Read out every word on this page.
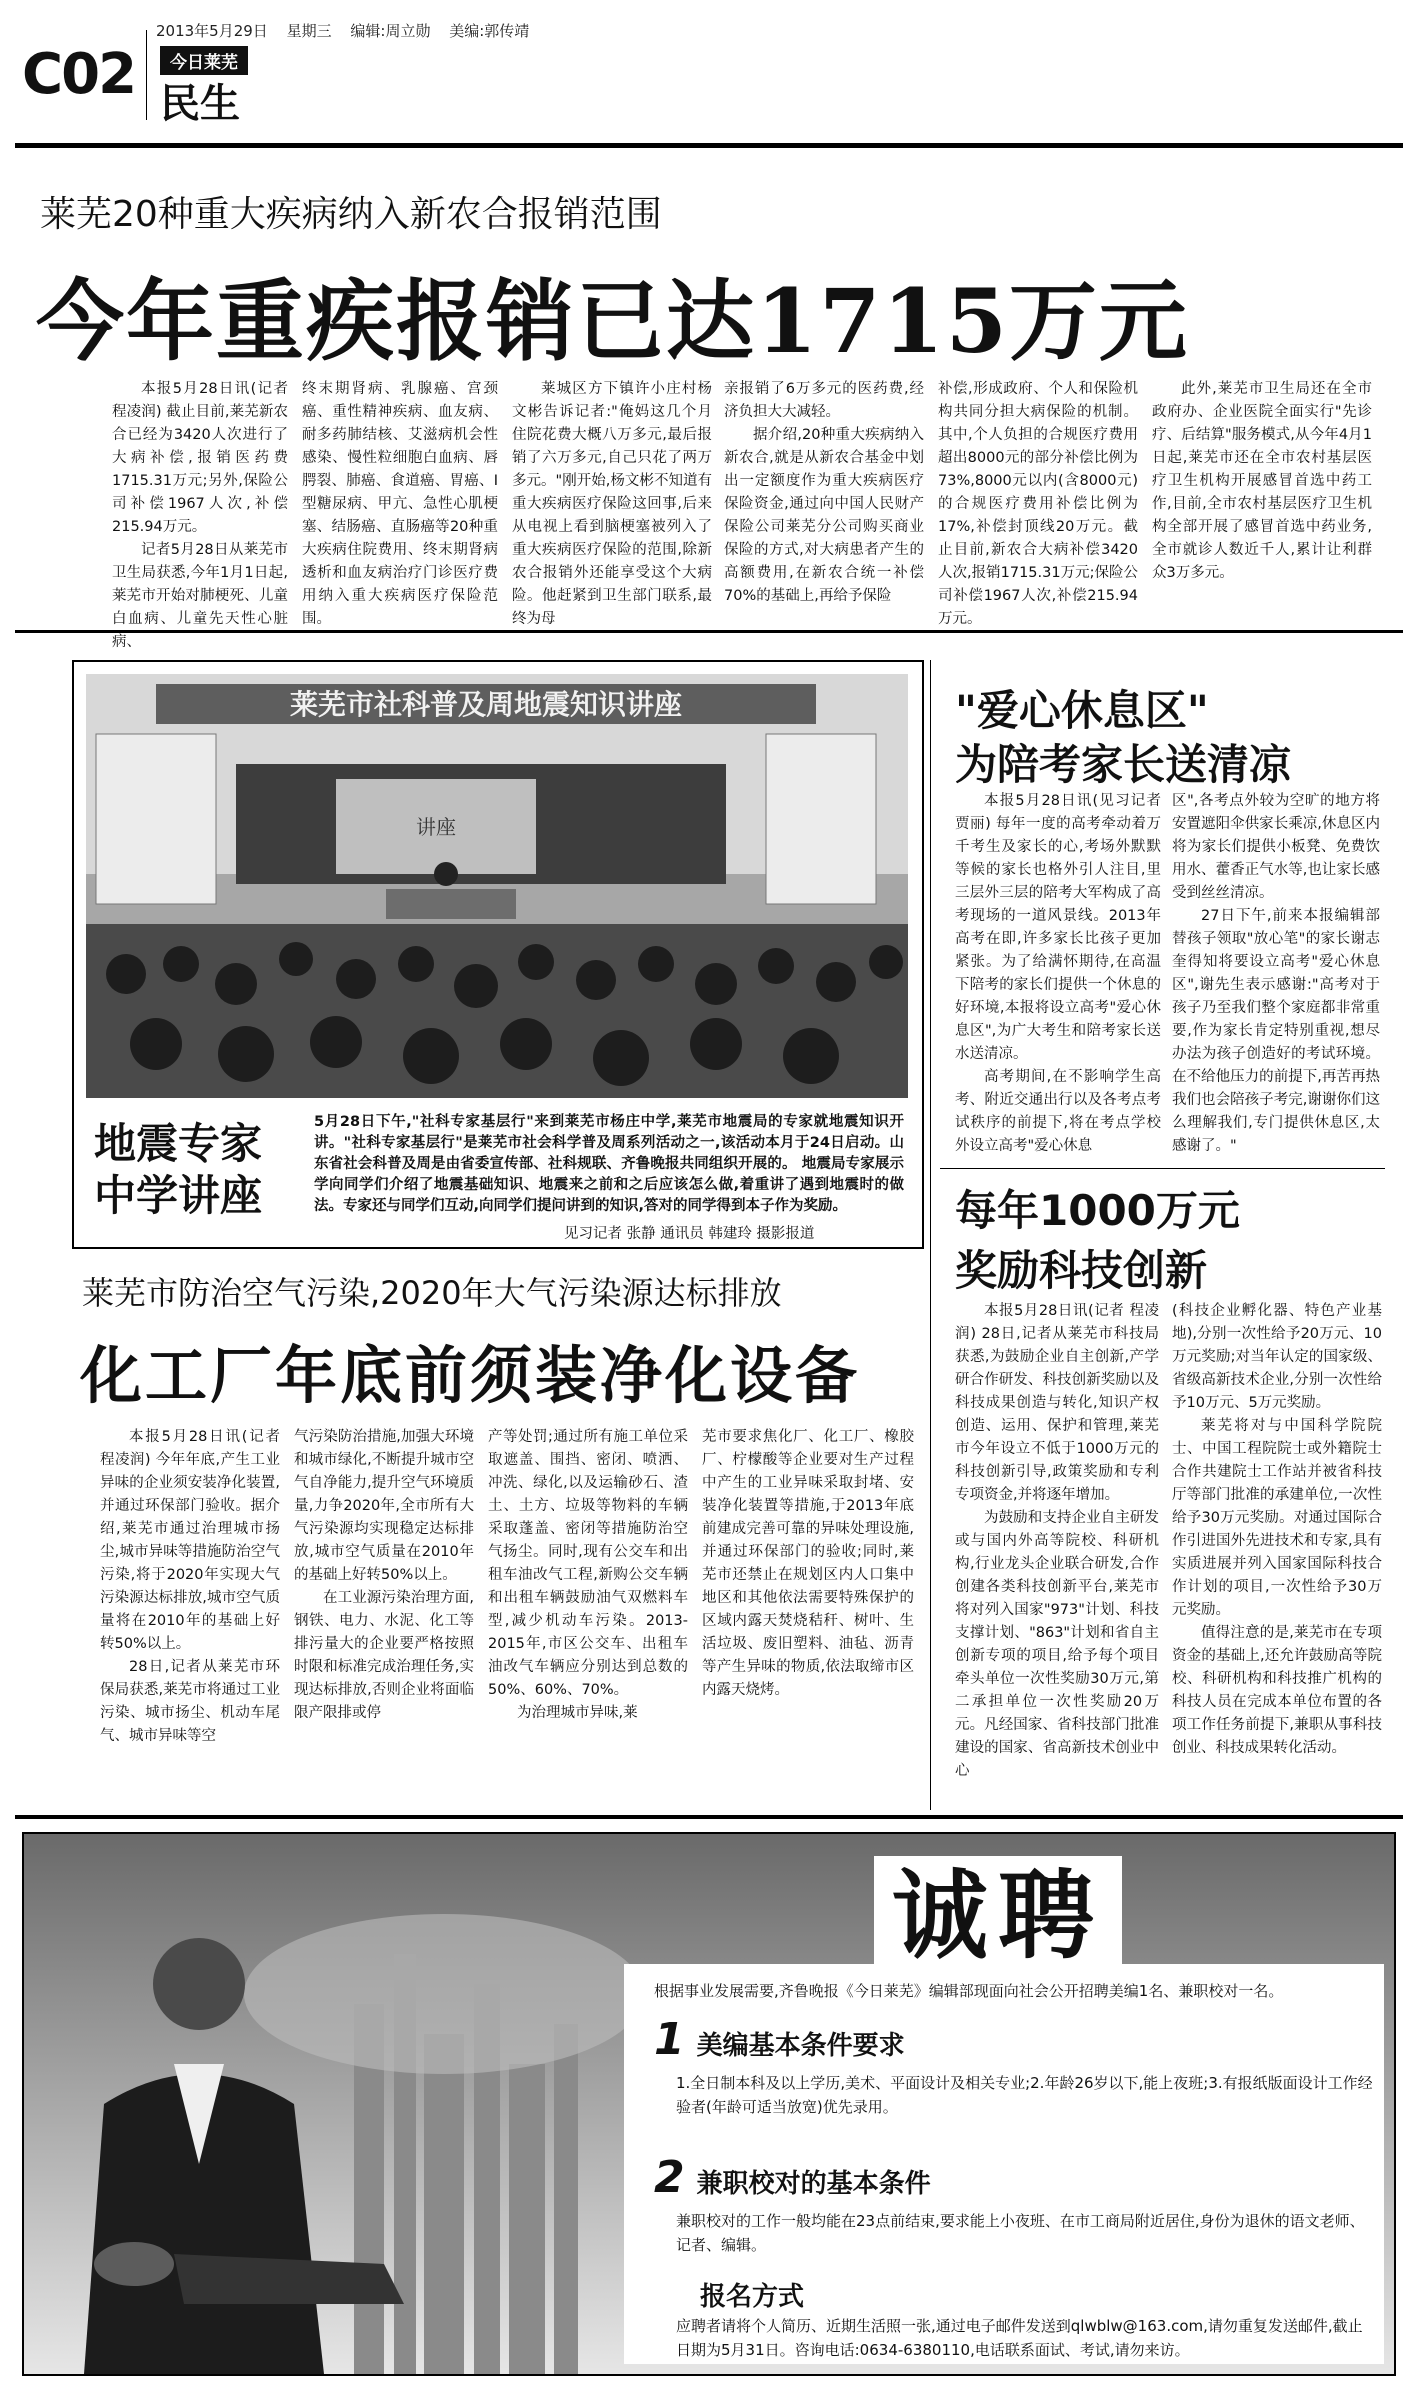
2013年5月29日 星期三 编辑:周立勋 美编:郭传靖
C02	今日莱芜
民生
莱芜20种重大疾病纳入新农合报销范围
今年重疾报销已达1715万元

本报5月28日讯(记者 程凌润) 截止目前,莱芜新农合已经为3420人次进行了大病补偿,报销医药费1715.31万元;另外,保险公司补偿1967人次,补偿215.94万元。

记者5月28日从莱芜市卫生局获悉,今年1月1日起,莱芜市开始对肺梗死、儿童白血病、儿童先天性心脏病、

终末期肾病、乳腺癌、宫颈癌、重性精神疾病、血友病、耐多药肺结核、艾滋病机会性感染、慢性粒细胞白血病、唇腭裂、肺癌、食道癌、胃癌、Ⅰ型糖尿病、甲亢、急性心肌梗塞、结肠癌、直肠癌等20种重大疾病住院费用、终末期肾病透析和血友病治疗门诊医疗费用纳入重大疾病医疗保险范围。

莱城区方下镇许小庄村杨文彬告诉记者:"俺妈这几个月住院花费大概八万多元,最后报销了六万多元,自己只花了两万多元。"刚开始,杨文彬不知道有重大疾病医疗保险这回事,后来从电视上看到脑梗塞被列入了重大疾病医疗保险的范围,除新农合报销外还能享受这个大病险。他赶紧到卫生部门联系,最终为母

亲报销了6万多元的医药费,经济负担大大减轻。

据介绍,20种重大疾病纳入新农合,就是从新农合基金中划出一定额度作为重大疾病医疗保险资金,通过向中国人民财产保险公司莱芜分公司购买商业保险的方式,对大病患者产生的高额费用,在新农合统一补偿70%的基础上,再给予保险

补偿,形成政府、个人和保险机构共同分担大病保险的机制。其中,个人负担的合规医疗费用超出8000元的部分补偿比例为73%,8000元以内(含8000元)的合规医疗费用补偿比例为17%,补偿封顶线20万元。截止目前,新农合大病补偿3420人次,报销1715.31万元;保险公司补偿1967人次,补偿215.94万元。

此外,莱芜市卫生局还在全市政府办、企业医院全面实行"先诊疗、后结算"服务模式,从今年4月1日起,莱芜市还在全市农村基层医疗卫生机构开展感冒首选中药工作,目前,全市农村基层医疗卫生机构全部开展了感冒首选中药业务,全市就诊人数近千人,累计让利群众3万多元。

莱芜市社科普及周地震知识讲座
讲座
地震专家
中学讲座
5月28日下午,"社科专家基层行"来到莱芜市杨庄中学,莱芜市地震局的专家就地震知识开讲。"社科专家基层行"是莱芜市社会科学普及周系列活动之一,该活动本月于24日启动。山东省社会科普及周是由省委宣传部、社科规联、齐鲁晚报共同组织开展的。 地震局专家展示学向同学们介绍了地震基础知识、地震来之前和之后应该怎么做,着重讲了遇到地震时的做法。专家还与同学们互动,向同学们提问讲到的知识,答对的同学得到本子作为奖励。
见习记者 张静 通讯员 韩建玲 摄影报道
"爱心休息区"
为陪考家长送清凉

本报5月28日讯(见习记者 贾丽) 每年一度的高考牵动着万千考生及家长的心,考场外默默等候的家长也格外引人注目,里三层外三层的陪考大军构成了高考现场的一道风景线。2013年高考在即,许多家长比孩子更加紧张。为了给满怀期待,在高温下陪考的家长们提供一个休息的好环境,本报将设立高考"爱心休息区",为广大考生和陪考家长送水送清凉。

高考期间,在不影响学生高考、附近交通出行以及各考点考试秩序的前提下,将在考点学校外设立高考"爱心休息

区",各考点外较为空旷的地方将安置遮阳伞供家长乘凉,休息区内将为家长们提供小板凳、免费饮用水、藿香正气水等,也让家长感受到丝丝清凉。

27日下午,前来本报编辑部替孩子领取"放心笔"的家长谢志奎得知将要设立高考"爱心休息区",谢先生表示感谢:"高考对于孩子乃至我们整个家庭都非常重要,作为家长肯定特别重视,想尽办法为孩子创造好的考试环境。在不给他压力的前提下,再苦再热我们也会陪孩子考完,谢谢你们这么理解我们,专门提供休息区,太感谢了。"

每年1000万元
奖励科技创新

本报5月28日讯(记者 程凌润) 28日,记者从莱芜市科技局获悉,为鼓励企业自主创新,产学研合作研发、科技创新奖励以及科技成果创造与转化,知识产权创造、运用、保护和管理,莱芜市今年设立不低于1000万元的科技创新引导,政策奖励和专利专项资金,并将逐年增加。

为鼓励和支持企业自主研发或与国内外高等院校、科研机构,行业龙头企业联合研发,合作创建各类科技创新平台,莱芜市将对列入国家"973"计划、科技支撑计划、"863"计划和省自主创新专项的项目,给予每个项目牵头单位一次性奖励30万元,第二承担单位一次性奖励20万元。凡经国家、省科技部门批准建设的国家、省高新技术创业中心

(科技企业孵化器、特色产业基地),分别一次性给予20万元、10万元奖励;对当年认定的国家级、省级高新技术企业,分别一次性给予10万元、5万元奖励。

莱芜将对与中国科学院院士、中国工程院院士或外籍院士合作共建院士工作站并被省科技厅等部门批准的承建单位,一次性给予30万元奖励。对通过国际合作引进国外先进技术和专家,具有实质进展并列入国家国际科技合作计划的项目,一次性给予30万元奖励。

值得注意的是,莱芜市在专项资金的基础上,还允许鼓励高等院校、科研机构和科技推广机构的科技人员在完成本单位布置的各项工作任务前提下,兼职从事科技创业、科技成果转化活动。

莱芜市防治空气污染,2020年大气污染源达标排放
化工厂年底前须装净化设备

本报5月28日讯(记者 程凌润) 今年年底,产生工业异味的企业须安装净化装置,并通过环保部门验收。据介绍,莱芜市通过治理城市扬尘,城市异味等措施防治空气污染,将于2020年实现大气污染源达标排放,城市空气质量将在2010年的基础上好转50%以上。

28日,记者从莱芜市环保局获悉,莱芜市将通过工业污染、城市扬尘、机动车尾气、城市异味等空

气污染防治措施,加强大环境和城市绿化,不断提升城市空气自净能力,提升空气环境质量,力争2020年,全市所有大气污染源均实现稳定达标排放,城市空气质量在2010年的基础上好转50%以上。

在工业源污染治理方面,钢铁、电力、水泥、化工等排污量大的企业要严格按照时限和标准完成治理任务,实现达标排放,否则企业将面临限产限排或停

产等处罚;通过所有施工单位采取遮盖、围挡、密闭、喷洒、冲洗、绿化,以及运输砂石、渣土、土方、垃圾等物料的车辆采取蓬盖、密闭等措施防治空气扬尘。同时,现有公交车和出租车油改气工程,新购公交车辆和出租车辆鼓励油气双燃料车型,减少机动车污染。2013-2015年,市区公交车、出租车油改气车辆应分别达到总数的50%、60%、70%。

为治理城市异味,莱

芜市要求焦化厂、化工厂、橡胶厂、柠檬酸等企业要对生产过程中产生的工业异味采取封堵、安装净化装置等措施,于2013年底前建成完善可靠的异味处理设施,并通过环保部门的验收;同时,莱芜市还禁止在规划区内人口集中地区和其他依法需要特殊保护的区域内露天焚烧秸秆、树叶、生活垃圾、废旧塑料、油毡、沥青等产生异味的物质,依法取缔市区内露天烧烤。

诚聘
根据事业发展需要,齐鲁晚报《今日莱芜》编辑部现面向社会公开招聘美编1名、兼职校对一名。
1 美编基本条件要求
1.全日制本科及以上学历,美术、平面设计及相关专业;2.年龄26岁以下,能上夜班;3.有报纸版面设计工作经验者(年龄可适当放宽)优先录用。
2 兼职校对的基本条件
兼职校对的工作一般均能在23点前结束,要求能上小夜班、在市工商局附近居住,身份为退休的语文老师、记者、编辑。
报名方式
应聘者请将个人简历、近期生活照一张,通过电子邮件发送到qlwblw@163.com,请勿重复发送邮件,截止日期为5月31日。咨询电话:0634-6380110,电话联系面试、考试,请勿来访。
